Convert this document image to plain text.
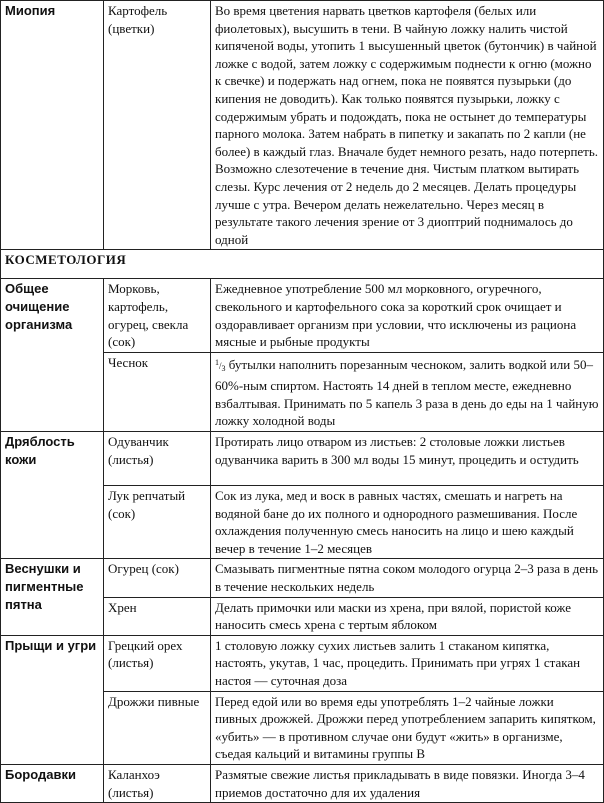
Миопия	Картофель (цветки)	Во время цветения нарвать цветков картофеля (белых или фиолетовых), высушить в тени. В чайную ложку налить чистой кипяченой воды, утопить 1 высушенный цветок (бутончик) в чайной ложке с водой, затем ложку с содержимым поднести к огню (можно к свечке) и подержать над огнем, пока не появятся пузырьки (до кипения не доводить). Как только появятся пузырьки, ложку с содержимым убрать и подождать, пока не остынет до температуры парного молока. Затем набрать в пипетку и закапать по 2 капли (не более) в каждый глаз. Вначале будет немного резать, надо потерпеть. Возможно слезотечение в течение дня. Чистым платком вытирать слезы. Курс лечения от 2 недель до 2 месяцев. Делать процедуры лучше с утра. Вечером делать нежелательно. Через месяц в результате такого лечения зрение от 3 диоптрий поднималось до одной
КОСМЕТОЛОГИЯ		
Общее очищение организма	Морковь, картофель, огурец, свекла (сок)	Ежедневное употребление 500 мл морковного, огуречного, свекольного и картофельного сока за короткий срок очищает и оздоравливает организм при условии, что исключены из рациона мясные и рыбные продукты
	Чеснок	$^1/_3$ бутылки наполнить порезанным чесноком, залить водкой или 50–60%-ным спиртом. Настоять 14 дней в теплом месте, ежедневно взбалтывая. Принимать по 5 капель 3 раза в день до еды на 1 чайную ложку холодной воды
Дряблость кожи	Одуванчик (листья)	Протирать лицо отваром из листьев: 2 столовые ложки листьев одуванчика варить в 300 мл воды 15 минут, процедить и остудить
	Лук репчатый (сок)	Сок из лука, мед и воск в равных частях, смешать и нагреть на водяной бане до их полного и однородного размешивания. После охлаждения полученную смесь наносить на лицо и шею каждый вечер в течение 1–2 месяцев
Веснушки и пигментные пятна	Огурец (сок)	Смазывать пигментные пятна соком молодого огурца 2–3 раза в день в течение нескольких недель
	Хрен	Делать примочки или маски из хрена, при вялой, пористой коже наносить смесь хрена с тертым яблоком
Прыщи и угри	Грецкий орех (листья)	1 столовую ложку сухих листьев залить 1 стаканом кипятка, настоять, укутав, 1 час, процедить. Принимать при угрях 1 стакан настоя — суточная доза
	Дрожжи пивные	Перед едой или во время еды употреблять 1–2 чайные ложки пивных дрожжей. Дрожжи перед употреблением запарить кипятком, «убить» — в противном случае они будут «жить» в организме, съедая кальций и витамины группы B
Бородавки	Каланхоэ (листья)	Размятые свежие листья прикладывать в виде повязки. Иногда 3–4 приемов достаточно для их удаления
